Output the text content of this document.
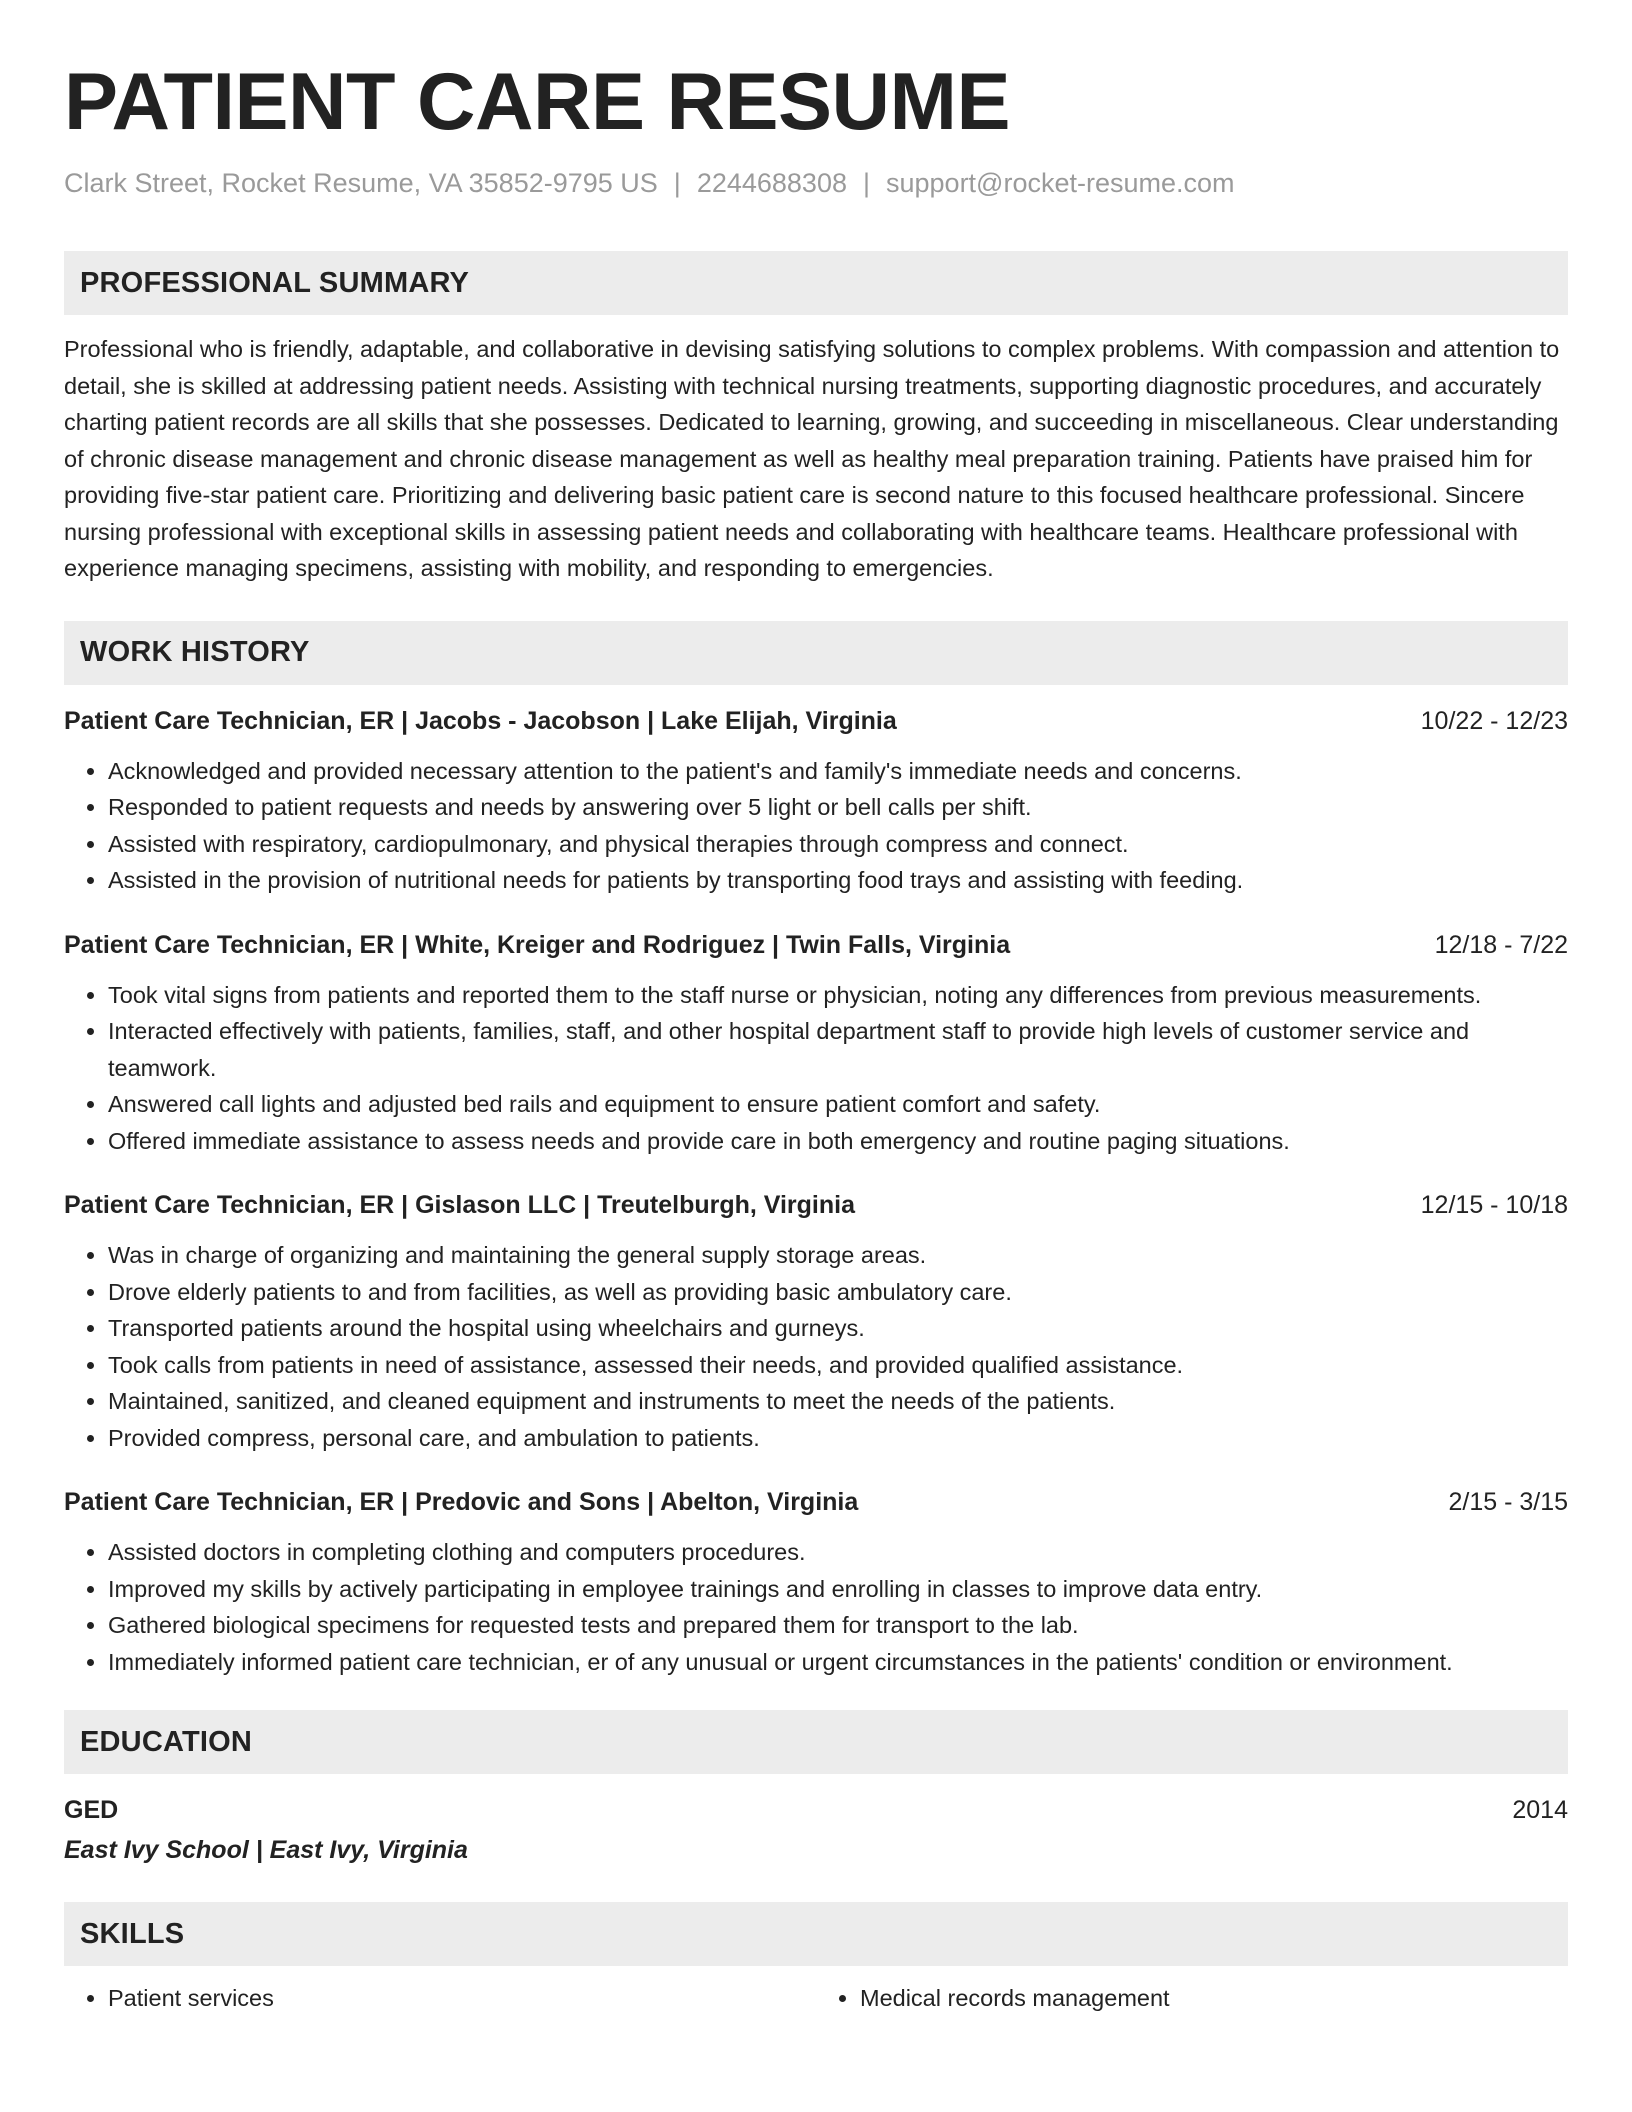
PATIENT CARE RESUME
Clark Street, Rocket Resume, VA 35852-9795 US | 2244688308 | support@rocket-resume.com
PROFESSIONAL SUMMARY
Professional who is friendly, adaptable, and collaborative in devising satisfying solutions to complex problems. With compassion and attention to detail, she is skilled at addressing patient needs. Assisting with technical nursing treatments, supporting diagnostic procedures, and accurately charting patient records are all skills that she possesses. Dedicated to learning, growing, and succeeding in miscellaneous. Clear understanding of chronic disease management and chronic disease management as well as healthy meal preparation training. Patients have praised him for providing five-star patient care. Prioritizing and delivering basic patient care is second nature to this focused healthcare professional. Sincere nursing professional with exceptional skills in assessing patient needs and collaborating with healthcare teams. Healthcare professional with experience managing specimens, assisting with mobility, and responding to emergencies.
WORK HISTORY
Patient Care Technician, ER | Jacobs - Jacobson | Lake Elijah, Virginia	10/22 - 12/23
• Acknowledged and provided necessary attention to the patient's and family's immediate needs and concerns.
• Responded to patient requests and needs by answering over 5 light or bell calls per shift.
• Assisted with respiratory, cardiopulmonary, and physical therapies through compress and connect.
• Assisted in the provision of nutritional needs for patients by transporting food trays and assisting with feeding.
Patient Care Technician, ER | White, Kreiger and Rodriguez | Twin Falls, Virginia	12/18 - 7/22
• Took vital signs from patients and reported them to the staff nurse or physician, noting any differences from previous measurements.
• Interacted effectively with patients, families, staff, and other hospital department staff to provide high levels of customer service and teamwork.
• Answered call lights and adjusted bed rails and equipment to ensure patient comfort and safety.
• Offered immediate assistance to assess needs and provide care in both emergency and routine paging situations.
Patient Care Technician, ER | Gislason LLC | Treutelburgh, Virginia	12/15 - 10/18
• Was in charge of organizing and maintaining the general supply storage areas.
• Drove elderly patients to and from facilities, as well as providing basic ambulatory care.
• Transported patients around the hospital using wheelchairs and gurneys.
• Took calls from patients in need of assistance, assessed their needs, and provided qualified assistance.
• Maintained, sanitized, and cleaned equipment and instruments to meet the needs of the patients.
• Provided compress, personal care, and ambulation to patients.
Patient Care Technician, ER | Predovic and Sons | Abelton, Virginia	2/15 - 3/15
• Assisted doctors in completing clothing and computers procedures.
• Improved my skills by actively participating in employee trainings and enrolling in classes to improve data entry.
• Gathered biological specimens for requested tests and prepared them for transport to the lab.
• Immediately informed patient care technician, er of any unusual or urgent circumstances in the patients' condition or environment.
EDUCATION
GED	2014
East Ivy School | East Ivy, Virginia
SKILLS
• Patient services
•	Medical records management
